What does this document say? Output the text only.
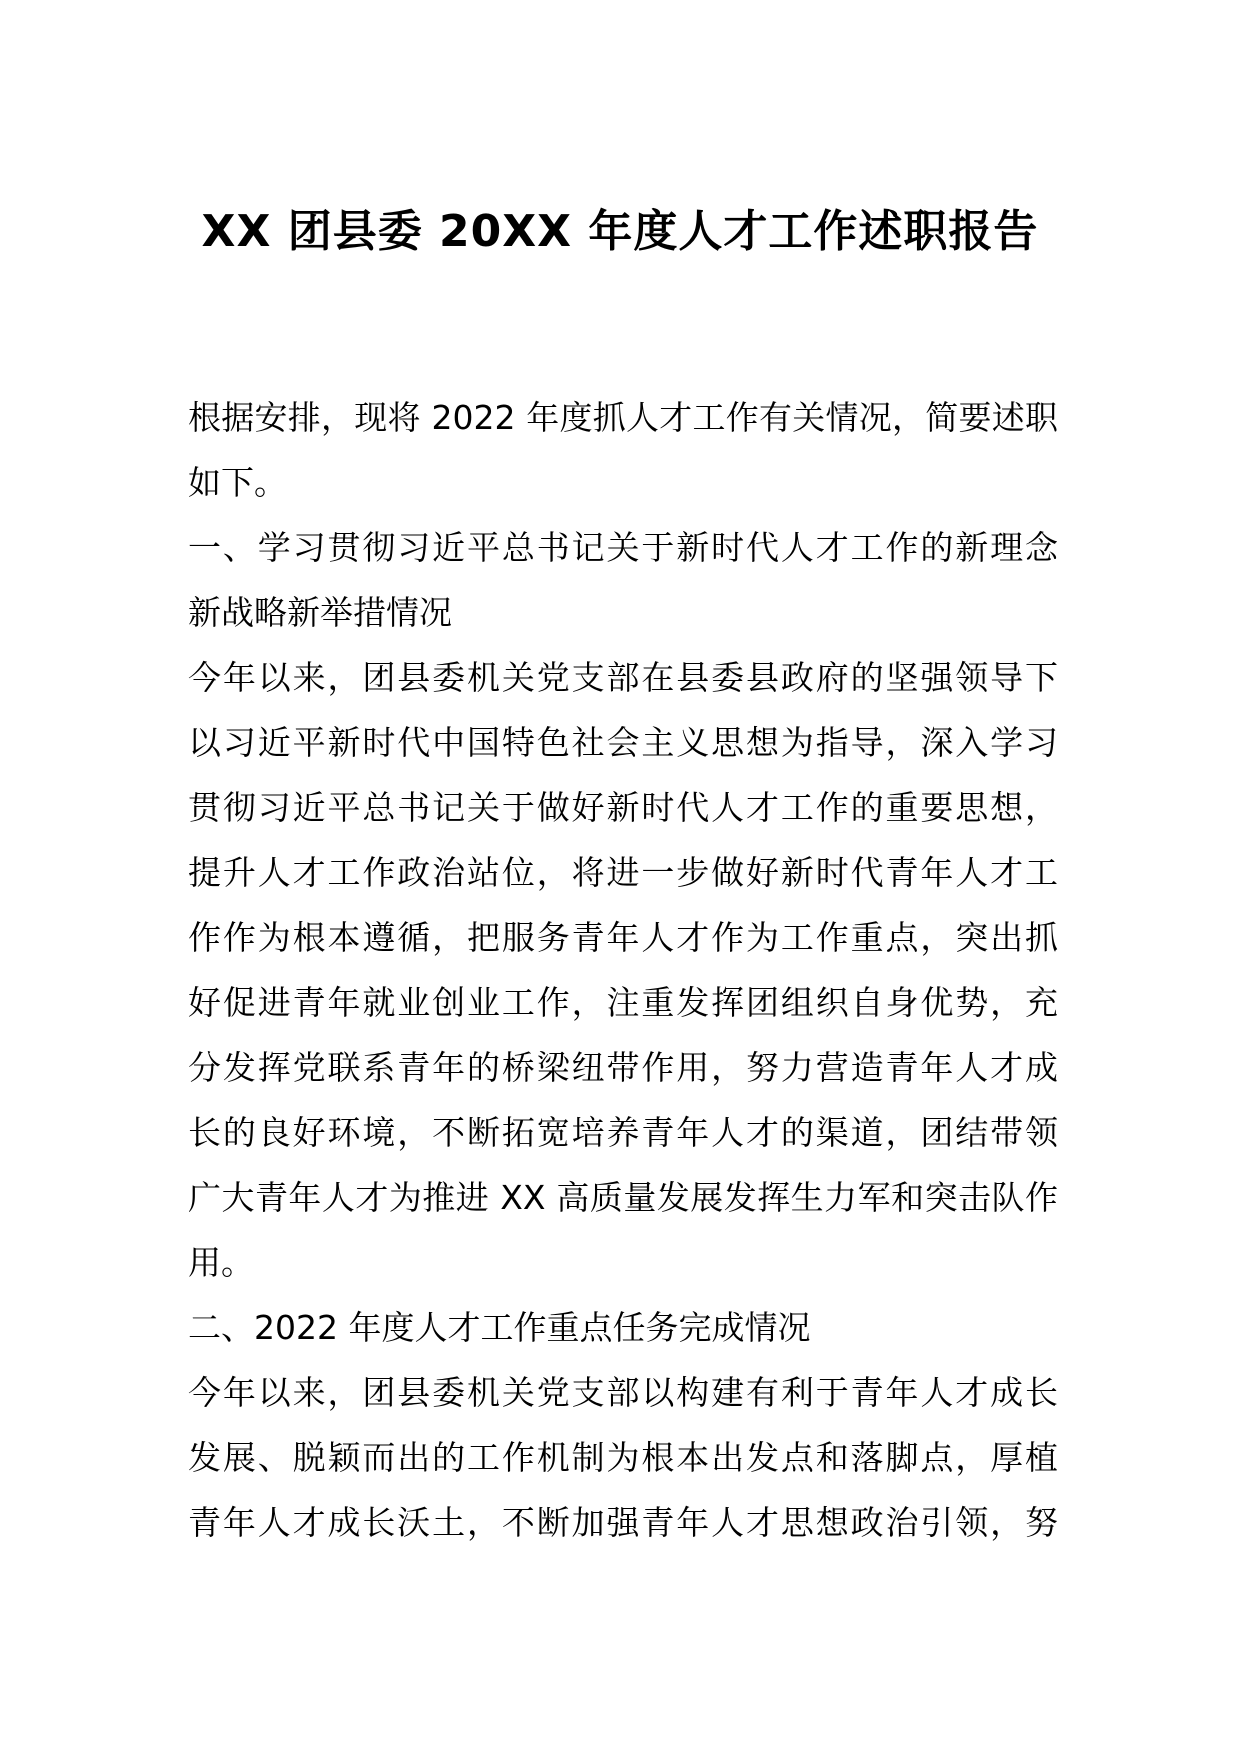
XX 团县委 20XX 年度人才工作述职报告
根据安排，现将 2022 年度抓人才工作有关情况，简要述职
如下。
一、学习贯彻习近平总书记关于新时代人才工作的新理念
新战略新举措情况
今年以来，团县委机关党支部在县委县政府的坚强领导下
以习近平新时代中国特色社会主义思想为指导，深入学习
贯彻习近平总书记关于做好新时代人才工作的重要思想，
提升人才工作政治站位，将进一步做好新时代青年人才工
作作为根本遵循，把服务青年人才作为工作重点，突出抓
好促进青年就业创业工作，注重发挥团组织自身优势，充
分发挥党联系青年的桥梁纽带作用，努力营造青年人才成
长的良好环境，不断拓宽培养青年人才的渠道，团结带领
广大青年人才为推进 XX 高质量发展发挥生力军和突击队作
用。
二、2022 年度人才工作重点任务完成情况
今年以来，团县委机关党支部以构建有利于青年人才成长
发展、脱颖而出的工作机制为根本出发点和落脚点，厚植
青年人才成长沃土，不断加强青年人才思想政治引领，努
